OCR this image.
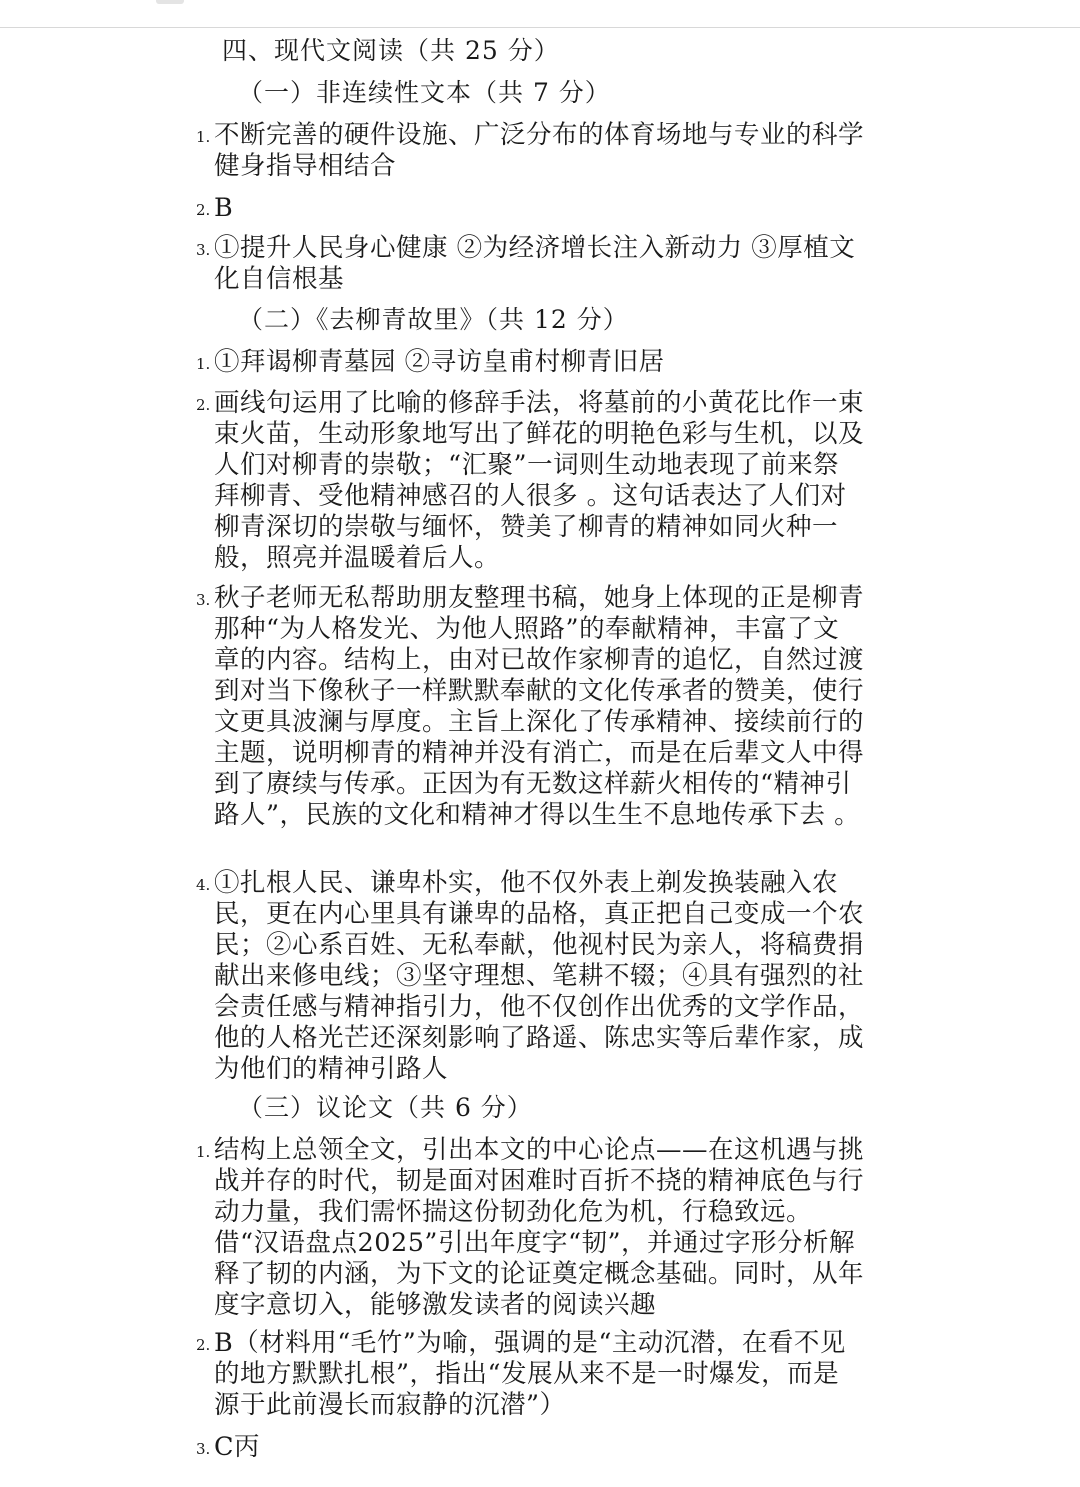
四、现代文阅读（共 25 分）
（一）非连续性文本（共 7 分）
1. 不断完善的硬件设施、广泛分布的体育场地与专业的科学健身指导相结合
2. B
3. ①提升人民身心健康 ②为经济增长注入新动力 ③厚植文化自信根基
（二）《去柳青故里》（共 12 分）
1. ①拜谒柳青墓园 ②寻访皇甫村柳青旧居
2. 画线句运用了比喻的修辞手法，将墓前的小黄花比作一束束火苗，生动形象地写出了鲜花的明艳色彩与生机，以及人们对柳青的崇敬；“汇聚”一词则生动地表现了前来祭拜柳青、受他精神感召的人很多 。这句话表达了人们对柳青深切的崇敬与缅怀，赞美了柳青的精神如同火种一般，照亮并温暖着后人。
3. 秋子老师无私帮助朋友整理书稿，她身上体现的正是柳青那种“为人格发光、为他人照路”的奉献精神，丰富了文章的内容。结构上，由对已故作家柳青的追忆，自然过渡到对当下像秋子一样默默奉献的文化传承者的赞美，使行文更具波澜与厚度。主旨上深化了传承精神、接续前行的主题，说明柳青的精神并没有消亡，而是在后辈文人中得到了赓续与传承。正因为有无数这样薪火相传的“精神引路人”，民族的文化和精神才得以生生不息地传承下去 。
4. ①扎根人民、谦卑朴实，他不仅外表上剃发换装融入农民，更在内心里具有谦卑的品格，真正把自己变成一个农民；②心系百姓、无私奉献，他视村民为亲人，将稿费捐献出来修电线；③坚守理想、笔耕不辍；④具有强烈的社会责任感与精神指引力，他不仅创作出优秀的文学作品，他的人格光芒还深刻影响了路遥、陈忠实等后辈作家，成为他们的精神引路人
（三）议论文（共 6 分）
1. 结构上总领全文，引出本文的中心论点——在这机遇与挑战并存的时代，韧是面对困难时百折不挠的精神底色与行动力量，我们需怀揣这份韧劲化危为机，行稳致远。借“汉语盘点2025”引出年度字“韧”，并通过字形分析解释了韧的内涵，为下文的论证奠定概念基础。同时，从年度字意切入，能够激发读者的阅读兴趣
2. B（材料用“毛竹”为喻，强调的是“主动沉潜，在看不见的地方默默扎根”，指出“发展从来不是一时爆发，而是源于此前漫长而寂静的沉潜”）
3. C丙
